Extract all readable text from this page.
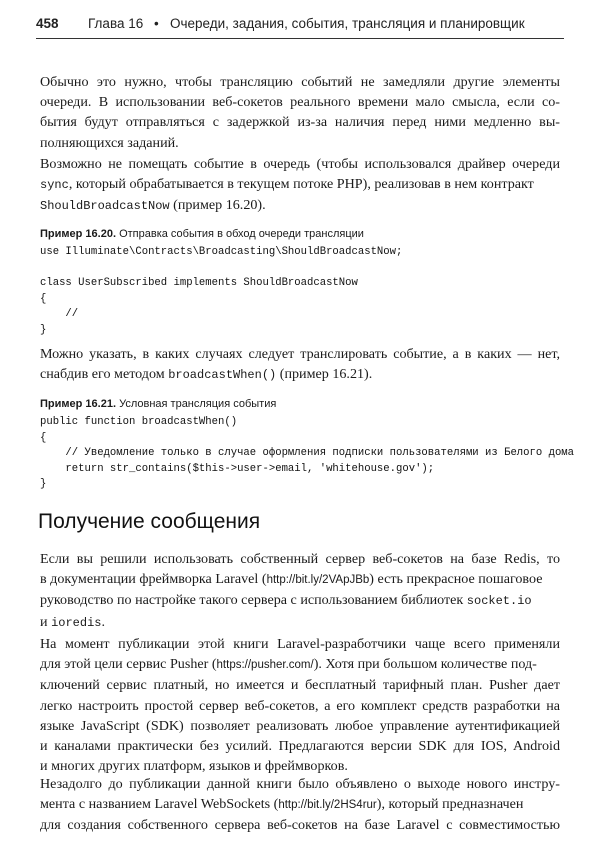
458 Глава 16 • Очереди, задания, события, трансляция и планировщик
Обычно это нужно, чтобы трансляцию событий не замедляли другие элементы
очереди. В использовании веб-сокетов реального времени мало смысла, если со-
бытия будут отправляться с задержкой из-за наличия перед ними медленно вы-
полняющихся заданий.
Возможно не помещать событие в очередь (чтобы использовался драйвер очереди
sync, который обрабатывается в текущем потоке PHP), реализовав в нем контракт
ShouldBroadcastNow (пример 16.20).
Пример 16.20. Отправка события в обход очереди трансляции
use Illuminate\Contracts\Broadcasting\ShouldBroadcastNow;

class UserSubscribed implements ShouldBroadcastNow
{
//
}
Можно указать, в каких случаях следует транслировать событие, а в каких — нет,
снабдив его методом broadcastWhen() (пример 16.21).
Пример 16.21. Условная трансляция события
public function broadcastWhen()
{
// Уведомление только в случае оформления подписки пользователями из Белого дома
return str_contains($this->user->email, 'whitehouse.gov');
}
Получение сообщения
Если вы решили использовать собственный сервер веб-сокетов на базе Redis, то
в документации фреймворка Laravel (http://bit.ly/2VApJBb) есть прекрасное пошаговое
руководство по настройке такого сервера с использованием библиотек socket.io
и ioredis.
На момент публикации этой книги Laravel-разработчики чаще всего применяли
для этой цели сервис Pusher (https://pusher.com/). Хотя при большом количестве под-
ключений сервис платный, но имеется и бесплатный тарифный план. Pusher дает
легко настроить простой сервер веб-сокетов, а его комплект средств разработки на
языке JavaScript (SDK) позволяет реализовать любое управление аутентификацией
и каналами практически без усилий. Предлагаются версии SDK для IOS, Android
и многих других платформ, языков и фреймворков.
Незадолго до публикации данной книги было объявлено о выходе нового инстру-
мента с названием Laravel WebSockets (http://bit.ly/2HS4rur), который предназначен
для создания собственного сервера веб-сокетов на базе Laravel с совместимостью
